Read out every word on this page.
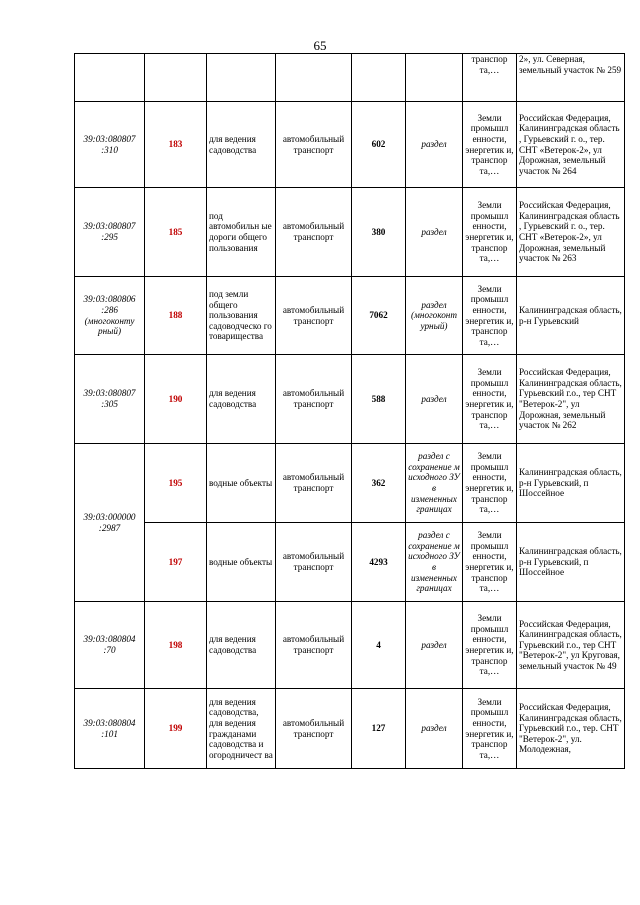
65
						транспор та,…	2», ул. Северная, земельный участок № 259
39:03:080807 :310	183	для ведения садоводства	автомобильный транспорт	602	раздел	Земли промышл енности, энергетик и, транспор та,…	Российская Федерация, Калининградская область , Гурьевский г. о., тер. СНТ «Ветерок-2», ул Дорожная, земельный участок № 264
39:03:080807 :295	185	под автомобильн ые дороги общего пользования	автомобильный транспорт	380	раздел	Земли промышл енности, энергетик и, транспор та,…	Российская Федерация, Калининградская область , Гурьевский г. о., тер. СНТ «Ветерок-2», ул Дорожная, земельный участок № 263
39:03:080806 :286 (многоконту рный)	188	под земли общего пользования садоводческо го товарищества	автомобильный транспорт	7062	раздел (многоконт урный)	Земли промышл енности, энергетик и, транспор та,…	Калининградская область, р-н Гурьевский
39:03:080807 :305	190	для ведения садоводства	автомобильный транспорт	588	раздел	Земли промышл енности, энергетик и, транспор та,…	Российская Федерация, Калининградская область, Гурьевский г.о., тер СНТ "Ветерок-2", ул Дорожная, земельный участок № 262
39:03:000000 :2987	195	водные объекты	автомобильный транспорт	362	раздел с сохранение м исходного ЗУ в измененных границах	Земли промышл енности, энергетик и, транспор та,…	Калининградская область, р-н Гурьевский, п Шоссейное
	197	водные объекты	автомобильный транспорт	4293	раздел с сохранение м исходного ЗУ в измененных границах	Земли промышл енности, энергетик и, транспор та,…	Калининградская область, р-н Гурьевский, п Шоссейное
39:03:080804 :70	198	для ведения садоводства	автомобильный транспорт	4	раздел	Земли промышл енности, энергетик и, транспор та,…	Российская Федерация, Калининградская область, Гурьевский г.о., тер СНТ "Ветерок-2", ул Круговая, земельный участок № 49
39:03:080804 :101	199	для ведения садоводства, для ведения гражданами садоводства и огородничест ва	автомобильный транспорт	127	раздел	Земли промышл енности, энергетик и, транспор та,…	Российская Федерация, Калининградская область, Гурьевский г.о., тер. СНТ "Ветерок-2", ул. Молодежная,
